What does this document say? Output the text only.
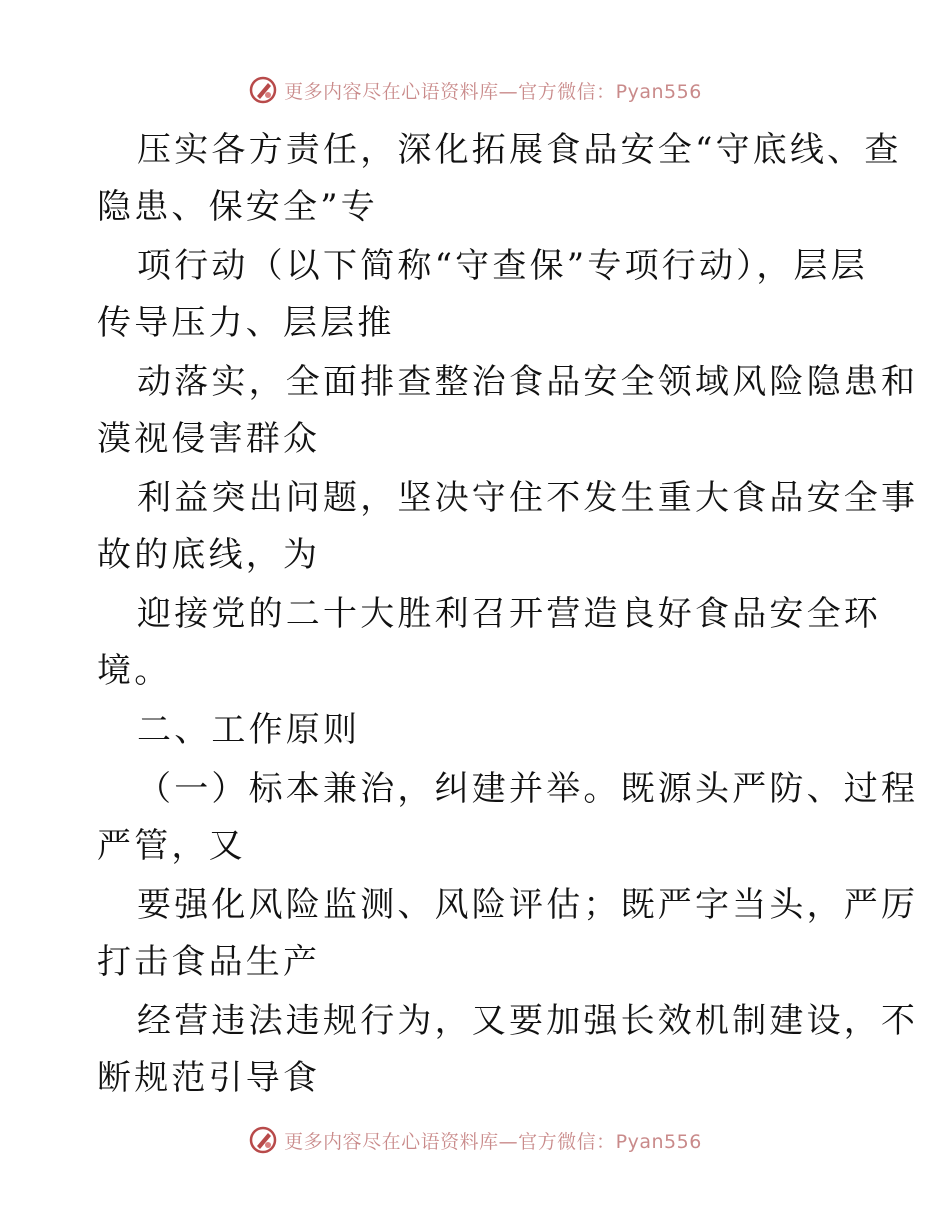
更多内容尽在心语资料库—官方微信：Pyan556
压实各方责任，深化拓展食品安全“守底线、查
隐患、保安全”专
项行动（以下简称“守查保”专项行动），层层
传导压力、层层推
动落实，全面排查整治食品安全领域风险隐患和
漠视侵害群众
利益突出问题，坚决守住不发生重大食品安全事
故的底线，为
迎接党的二十大胜利召开营造良好食品安全环
境。
二、工作原则
（一）标本兼治，纠建并举。既源头严防、过程
严管，又
要强化风险监测、风险评估；既严字当头，严厉
打击食品生产
经营违法违规行为，又要加强长效机制建设，不
断规范引导食
更多内容尽在心语资料库—官方微信：Pyan556
